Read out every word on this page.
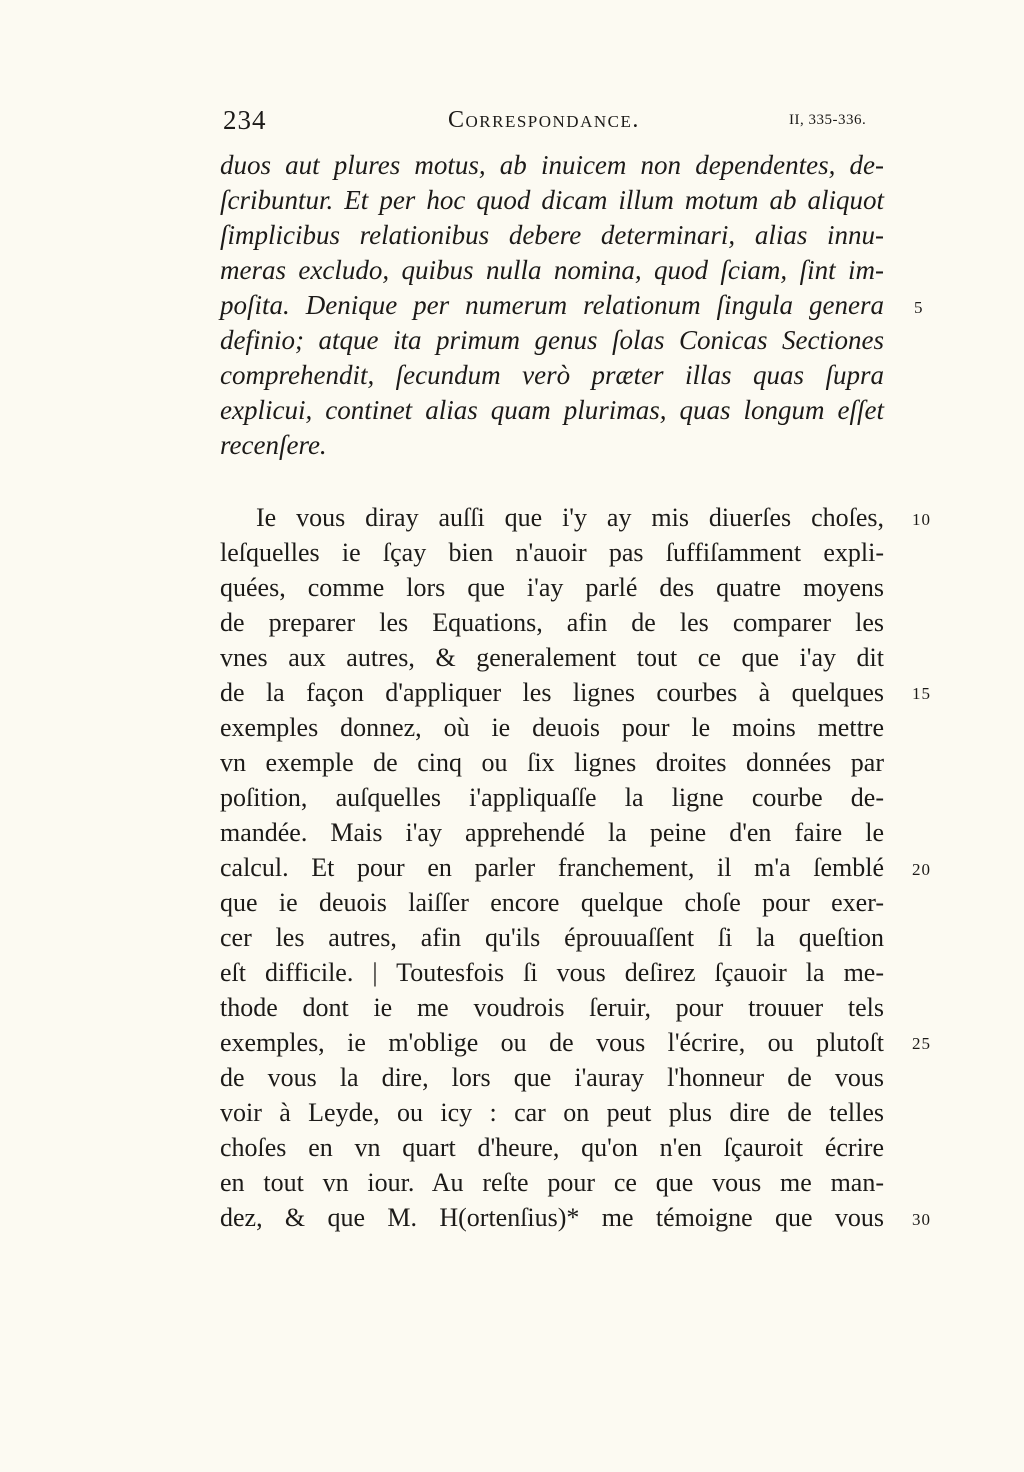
234	Correspondance.	II, 335-336.
duos aut plures motus, ab inuicem non dependentes, de-
ſcribuntur. Et per hoc quod dicam illum motum ab aliquot
ſimplicibus relationibus debere determinari, alias innu-
meras excludo, quibus nulla nomina, quod ſciam, ſint im-
poſita. Denique per numerum relationum ſingula genera
definio; atque ita primum genus ſolas Conicas Sectiones
comprehendit, ſecundum verò præter illas quas ſupra
explicui, continet alias quam plurimas, quas longum eſſet
recenſere.
Ie vous diray auſſi que i'y ay mis diuerſes choſes,
leſquelles ie ſçay bien n'auoir pas ſuffiſamment expli-
quées, comme lors que i'ay parlé des quatre moyens
de preparer les Equations, afin de les comparer les
vnes aux autres, & generalement tout ce que i'ay dit
de la façon d'appliquer les lignes courbes à quelques
exemples donnez, où ie deuois pour le moins mettre
vn exemple de cinq ou ſix lignes droites données par
poſition, auſquelles i'appliquaſſe la ligne courbe de-
mandée. Mais i'ay apprehendé la peine d'en faire le
calcul. Et pour en parler franchement, il m'a ſemblé
que ie deuois laiſſer encore quelque choſe pour exer-
cer les autres, afin qu'ils éprouuaſſent ſi la queſtion
eſt difficile. | Toutesfois ſi vous deſirez ſçauoir la me-
thode dont ie me voudrois ſeruir, pour trouuer tels
exemples, ie m'oblige ou de vous l'écrire, ou plutoſt
de vous la dire, lors que i'auray l'honneur de vous
voir à Leyde, ou icy : car on peut plus dire de telles
choſes en vn quart d'heure, qu'on n'en ſçauroit écrire
en tout vn iour. Au reſte pour ce que vous me man-
dez, & que M. H(ortenſius)* me témoigne que vous
5
10
15
20
25
30
